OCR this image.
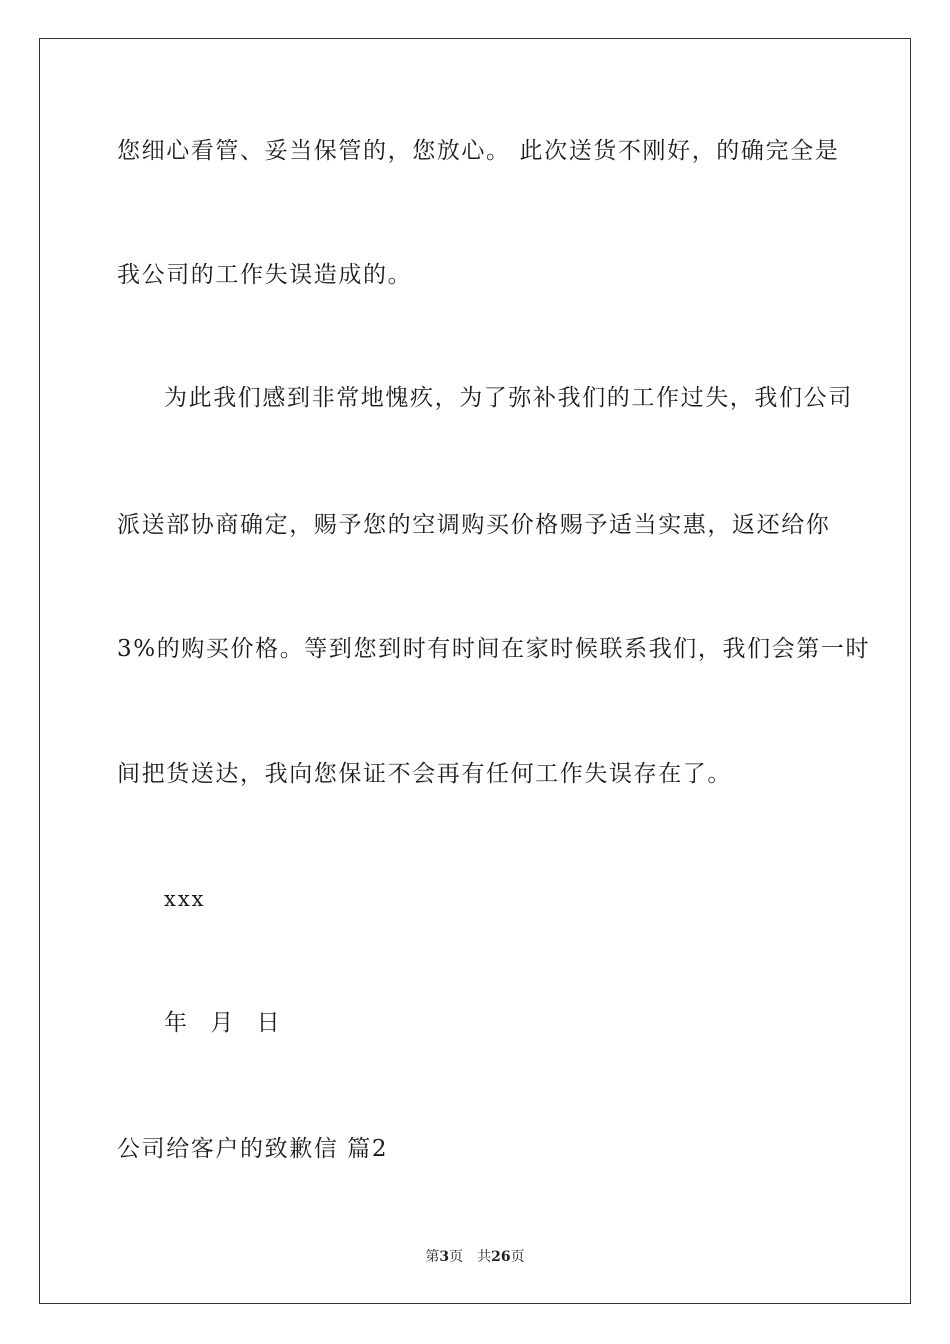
您细心看管、妥当保管的，您放心。 此次送货不刚好，的确完全是
我公司的工作失误造成的。
为此我们感到非常地愧疚，为了弥补我们的工作过失，我们公司
派送部协商确定，赐予您的空调购买价格赐予适当实惠，返还给你
3%的购买价格。等到您到时有时间在家时候联系我们，我们会第一时
间把货送达，我向您保证不会再有任何工作失误存在了。
xxx
年 月 日
公司给客户的致歉信 篇2
第3页 共26页
